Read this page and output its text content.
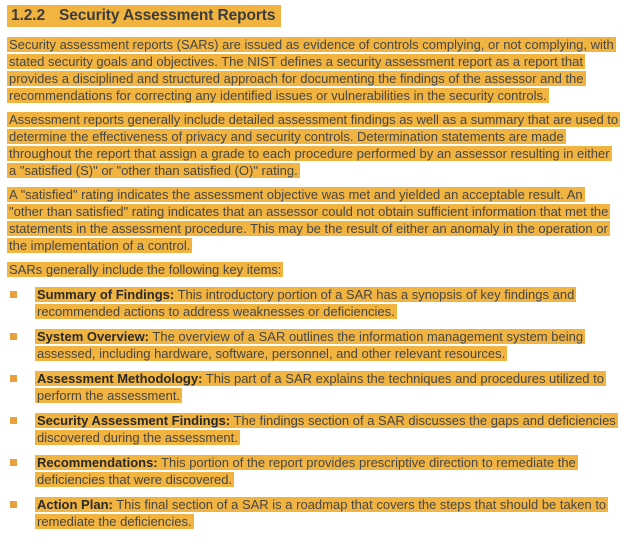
1.2.2 Security Assessment Reports

Security assessment reports (SARs) are issued as evidence of controls complying, or not complying, with stated security goals and objectives. The NIST defines a security assessment report as a report that provides a disciplined and structured approach for documenting the findings of the assessor and the recommendations for correcting any identified issues or vulnerabilities in the security controls.

Assessment reports generally include detailed assessment findings as well as a summary that are used to determine the effectiveness of privacy and security controls. Determination statements are made throughout the report that assign a grade to each procedure performed by an assessor resulting in either a "satisfied (S)" or "other than satisfied (O)" rating.

A "satisfied" rating indicates the assessment objective was met and yielded an acceptable result. An "other than satisfied" rating indicates that an assessor could not obtain sufficient information that met the statements in the assessment procedure. This may be the result of either an anomaly in the operation or the implementation of a control.

SARs generally include the following key items:

Summary of Findings: This introductory portion of a SAR has a synopsis of key findings and recommended actions to address weaknesses or deficiencies.
System Overview: The overview of a SAR outlines the information management system being assessed, including hardware, software, personnel, and other relevant resources.
Assessment Methodology: This part of a SAR explains the techniques and procedures utilized to perform the assessment.
Security Assessment Findings: The findings section of a SAR discusses the gaps and deficiencies discovered during the assessment.
Recommendations: This portion of the report provides prescriptive direction to remediate the deficiencies that were discovered.
Action Plan: This final section of a SAR is a roadmap that covers the steps that should be taken to remediate the deficiencies.
